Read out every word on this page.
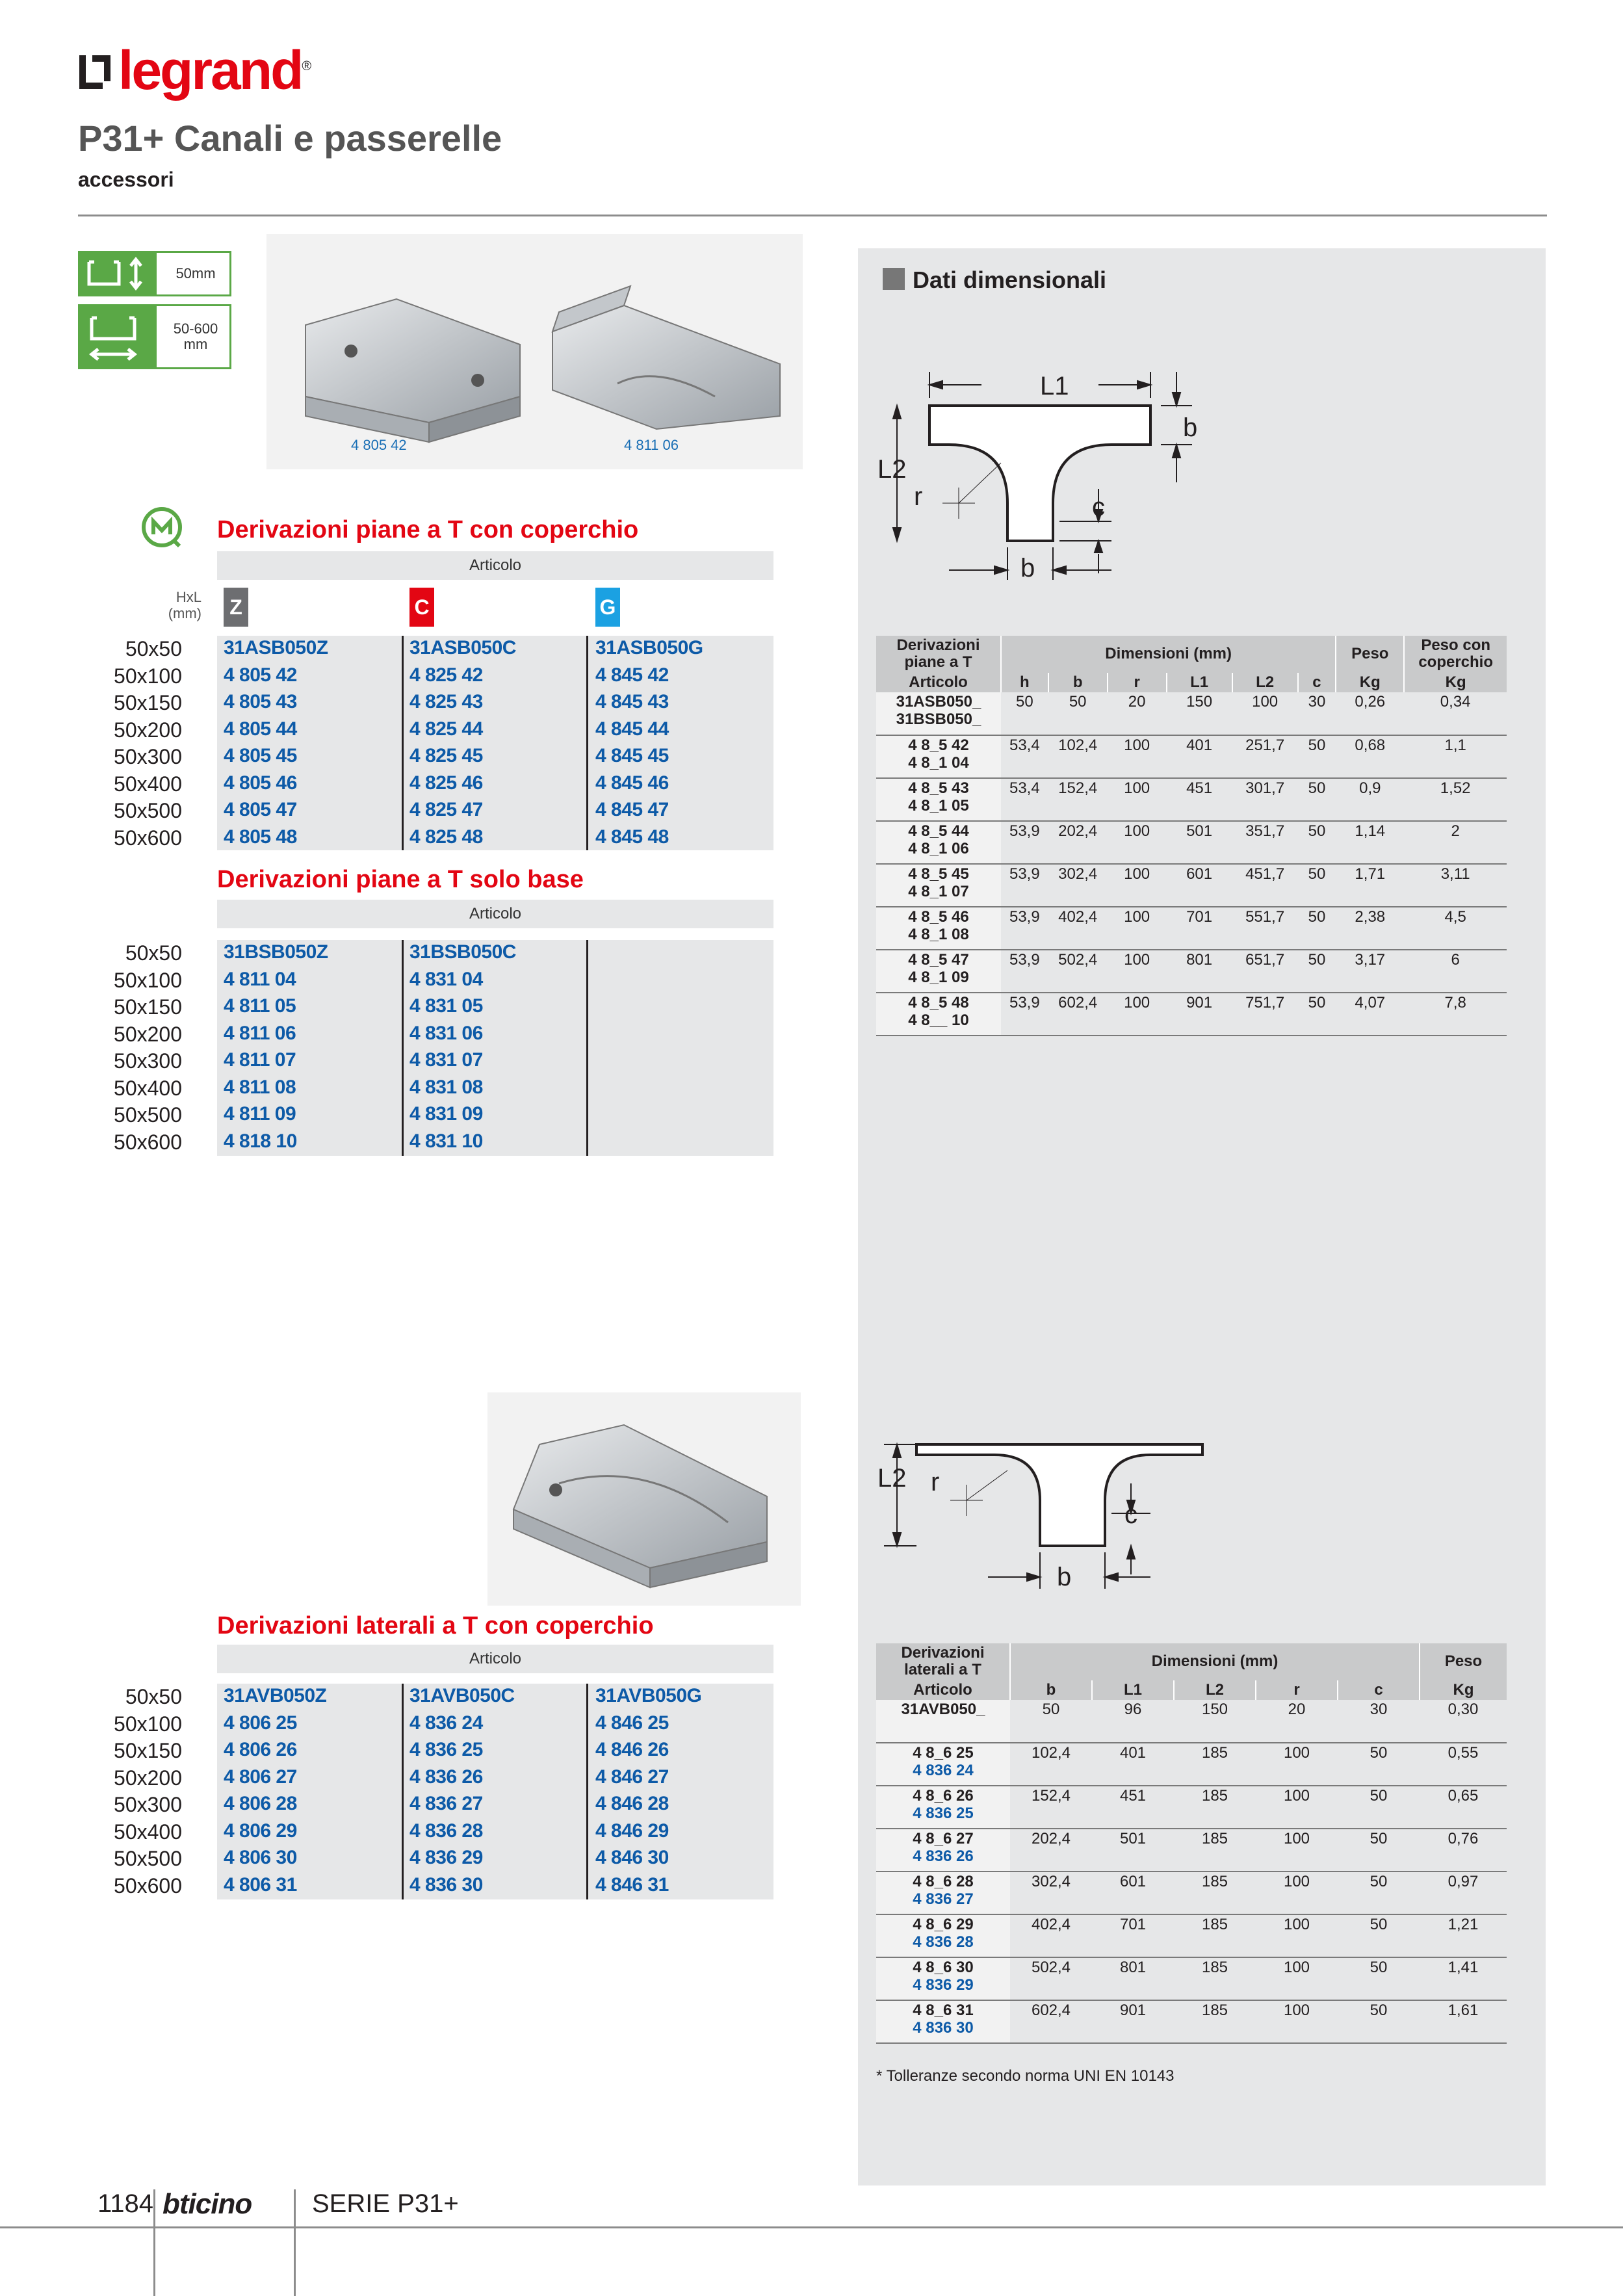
legrand®
P31+ Canali e passerelle
accessori
50mm
50-600
mm
4 805 42	4 811 06
Derivazioni piane a T con coperchio
Articolo
HxL
(mm) Z	C	G
50x50 31ASB050Z	31ASB050C	31ASB050G
50x100 4 805 42	4 825 42	4 845 42
50x150 4 805 43	4 825 43	4 845 43
50x200 4 805 44	4 825 44	4 845 44
50x300 4 805 45	4 825 45	4 845 45
50x400 4 805 46	4 825 46	4 845 46
50x500 4 805 47	4 825 47	4 845 47
50x600 4 805 48	4 825 48	4 845 48
Derivazioni piane a T solo base
Articolo
50x50 31BSB050Z	31BSB050C
50x100 4 811 04	4 831 04
50x150 4 811 05	4 831 05
50x200 4 811 06	4 831 06
50x300 4 811 07	4 831 07
50x400 4 811 08	4 831 08
50x500 4 811 09	4 831 09
50x600 4 818 10	4 831 10
Derivazioni laterali a T con coperchio
Articolo
50x50 31AVB050Z	31AVB050C	31AVB050G
50x100 4 806 25	4 836 24	4 846 25
50x150 4 806 26	4 836 25	4 846 26
50x200 4 806 27	4 836 26	4 846 27
50x300 4 806 28	4 836 27	4 846 28
50x400 4 806 29	4 836 28	4 846 29
50x500 4 806 30	4 836 29	4 846 30
50x600 4 806 31	4 836 30	4 846 31
Dati dimensionali
L1
b
L2
r	c
b
Derivazioni piane a T	Dimensioni (mm)						Peso	Peso con coperchio
Articolo	h	b	r	L1	L2	c	Kg	Kg

31ASB050_
31BSB050_	50	50	20	150	100	30	0,26	0,34

4 8_5 42
4 8_1 04	53,4	102,4	100	401	251,7	50	0,68	1,1

4 8_5 43
4 8_1 05	53,4	152,4	100	451	301,7	50	0,9	1,52

4 8_5 44
4 8_1 06	53,9	202,4	100	501	351,7	50	1,14	2

4 8_5 45
4 8_1 07	53,9	302,4	100	601	451,7	50	1,71	3,11

4 8_5 46
4 8_1 08	53,9	402,4	100	701	551,7	50	2,38	4,5

4 8_5 47
4 8_1 09	53,9	502,4	100	801	651,7	50	3,17	6

4 8_5 48
4 8__ 10	53,9	602,4	100	901	751,7	50	4,07	7,8
L2 r
c
b
Derivazioni laterali a T	Dimensioni (mm)					Peso
Articolo	b	L1	L2	r	c	Kg

31AVB050_	50	96	150	20	30	0,30

4 8_6 25
4 836 24	102,4	401	185	100	50	0,55

4 8_6 26
4 836 25	152,4	451	185	100	50	0,65

4 8_6 27
4 836 26	202,4	501	185	100	50	0,76

4 8_6 28
4 836 27	302,4	601	185	100	50	0,97

4 8_6 29
4 836 28	402,4	701	185	100	50	1,21

4 8_6 30
4 836 29	502,4	801	185	100	50	1,41

4 8_6 31
4 836 30	602,4	901	185	100	50	1,61
* Tolleranze secondo norma UNI EN 10143
1184 bticino SERIE P31+
